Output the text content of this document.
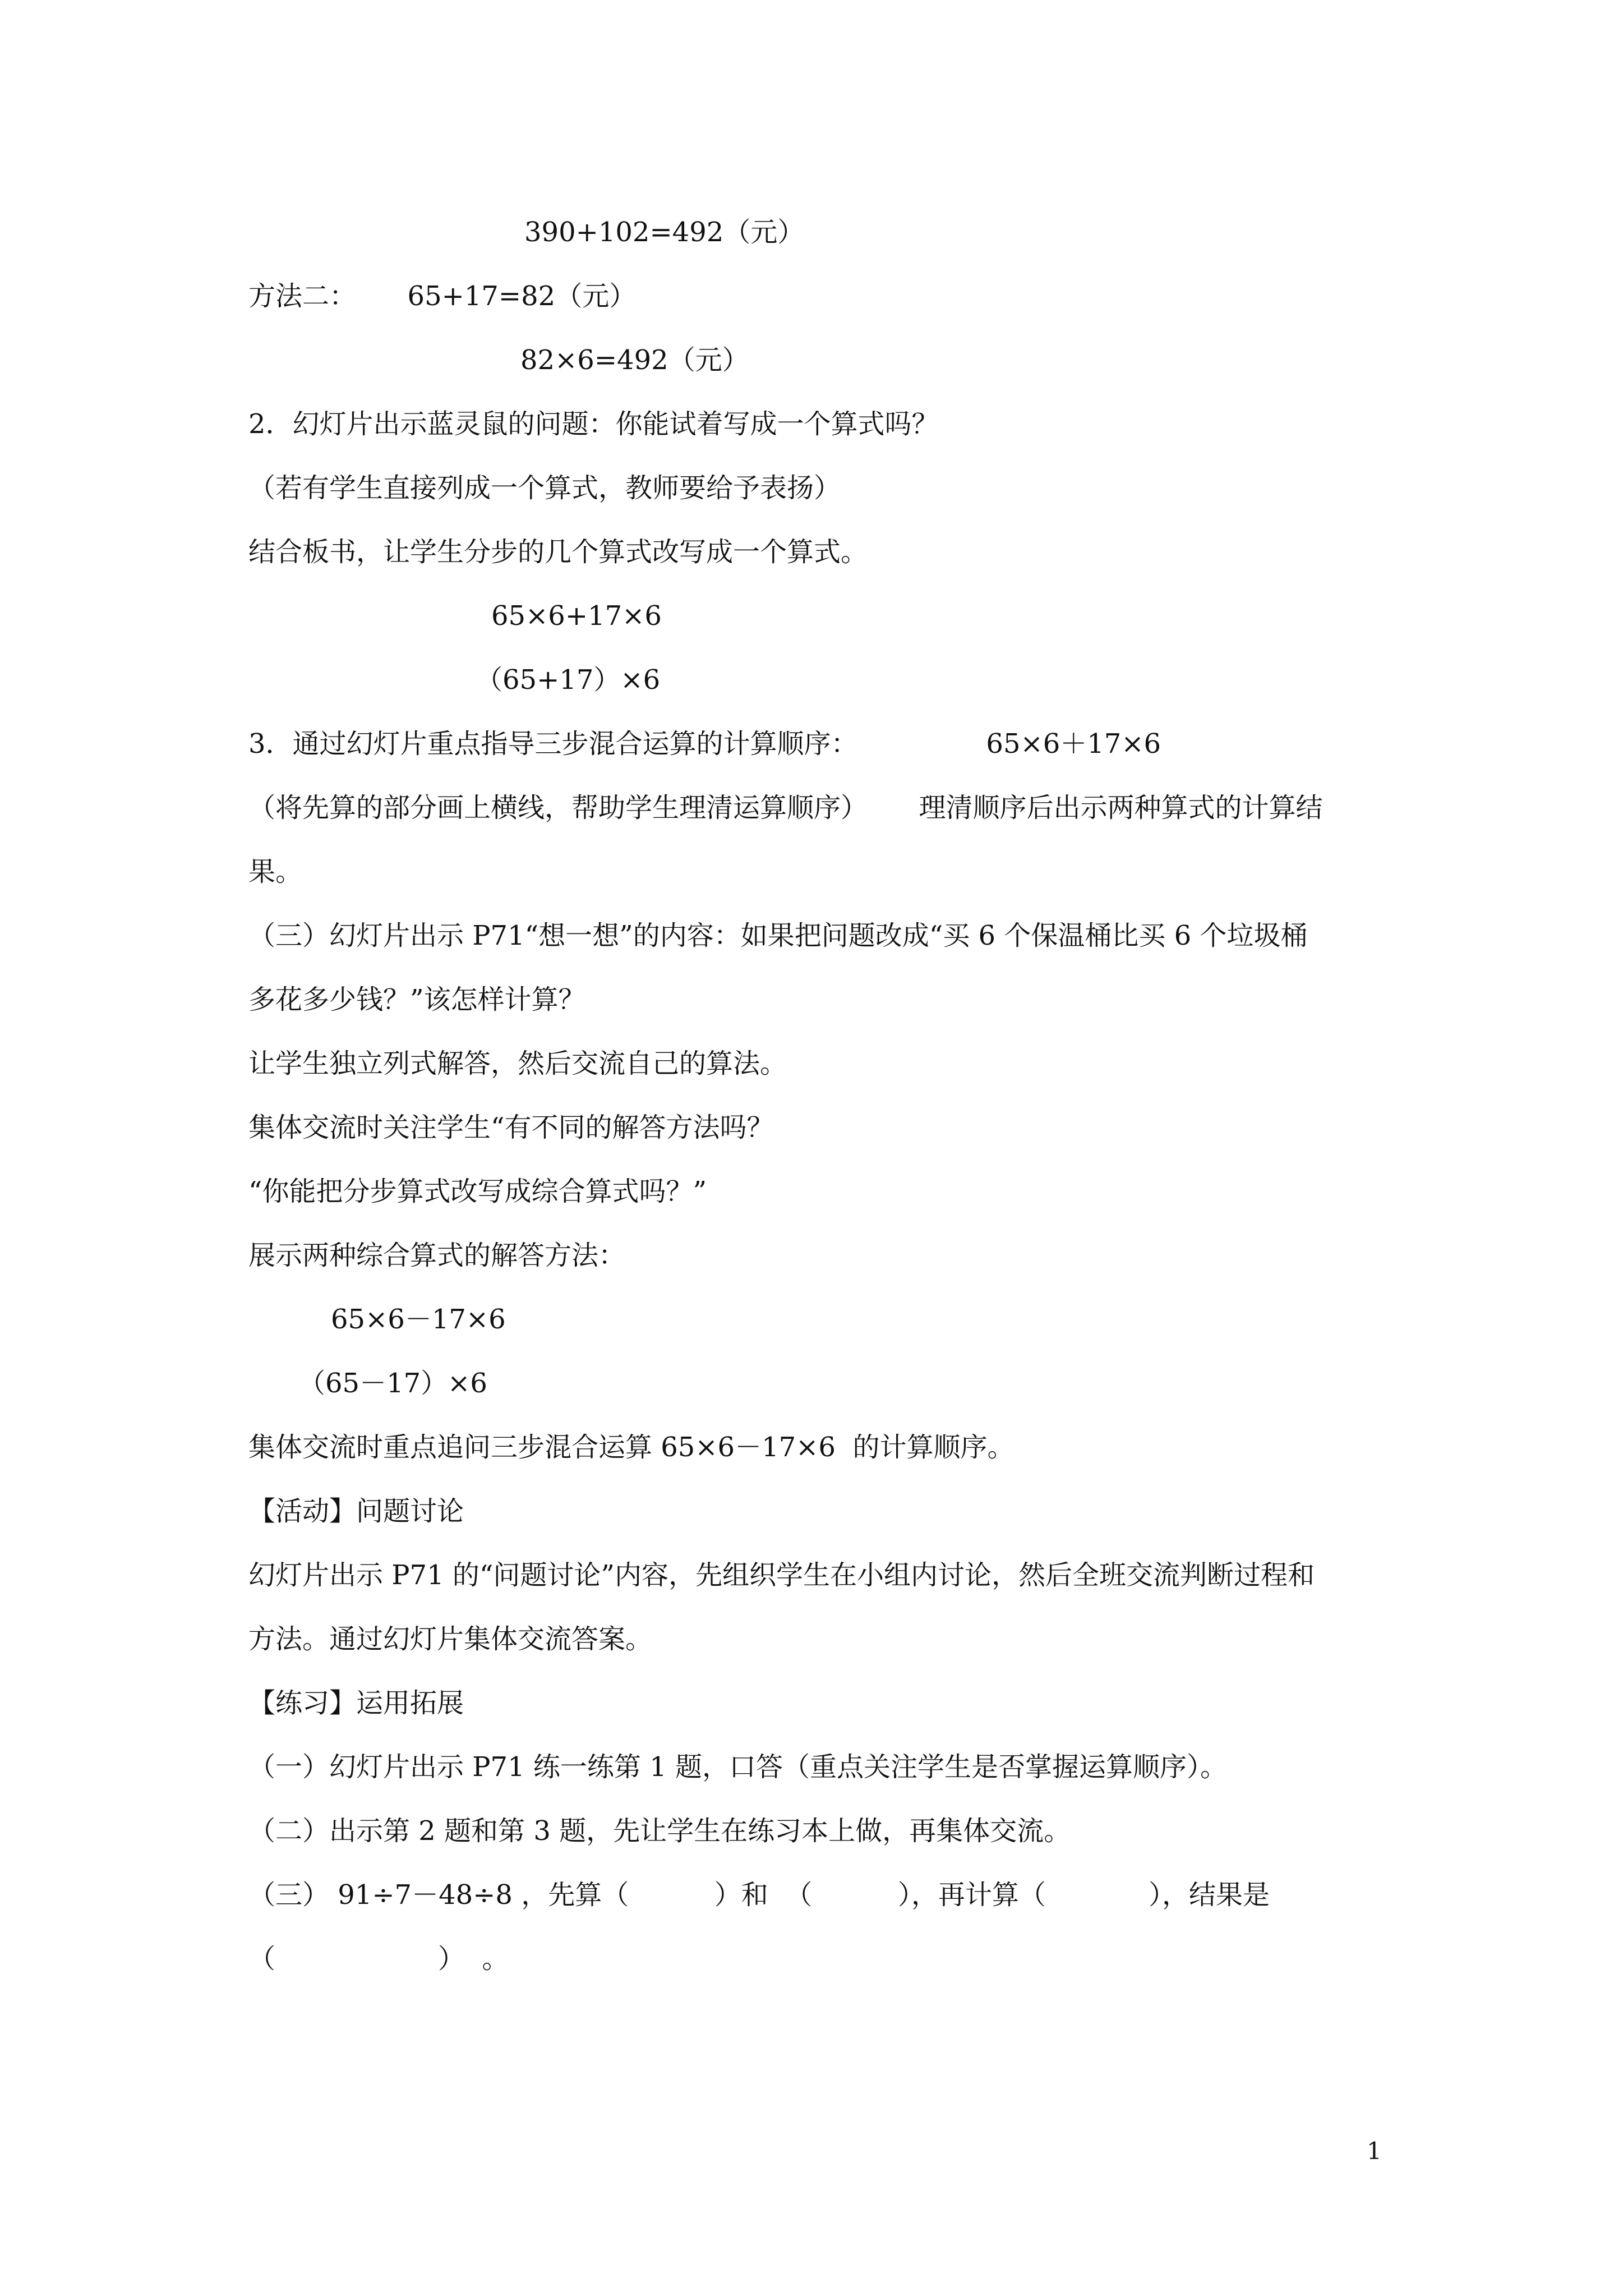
390+102=492（元）

方法二：      65+17=82（元）

82×6=492（元）

2．幻灯片出示蓝灵鼠的问题：你能试着写成一个算式吗？

（若有学生直接列成一个算式，教师要给予表扬）

结合板书，让学生分步的几个算式改写成一个算式。

65×6+17×6

（65+17）×6

3．通过幻灯片重点指导三步混合运算的计算顺序：               65×6＋17×6

（将先算的部分画上横线，帮助学生理清运算顺序）      理清顺序后出示两种算式的计算结

果。

（三）幻灯片出示 P71“想一想”的内容：如果把问题改成“买 6 个保温桶比买 6 个垃圾桶

多花多少钱？”该怎样计算？

让学生独立列式解答，然后交流自己的算法。

集体交流时关注学生“有不同的解答方法吗？

“你能把分步算式改写成综合算式吗？”

展示两种综合算式的解答方法：

65×6－17×6

（65－17）×6

集体交流时重点追问三步混合运算 65×6－17×6  的计算顺序。

【活动】问题讨论

幻灯片出示 P71 的“问题讨论”内容，先组织学生在小组内讨论，然后全班交流判断过程和

方法。通过幻灯片集体交流答案。

【练习】运用拓展

（一）幻灯片出示 P71 练一练第 1 题，口答（重点关注学生是否掌握运算顺序）。

（二）出示第 2 题和第 3 题，先让学生在练习本上做，再集体交流。

（三） 91÷7－48÷8 ，先算（          ）和  （          ），再计算（            ），结果是

（                   ）  。

1
